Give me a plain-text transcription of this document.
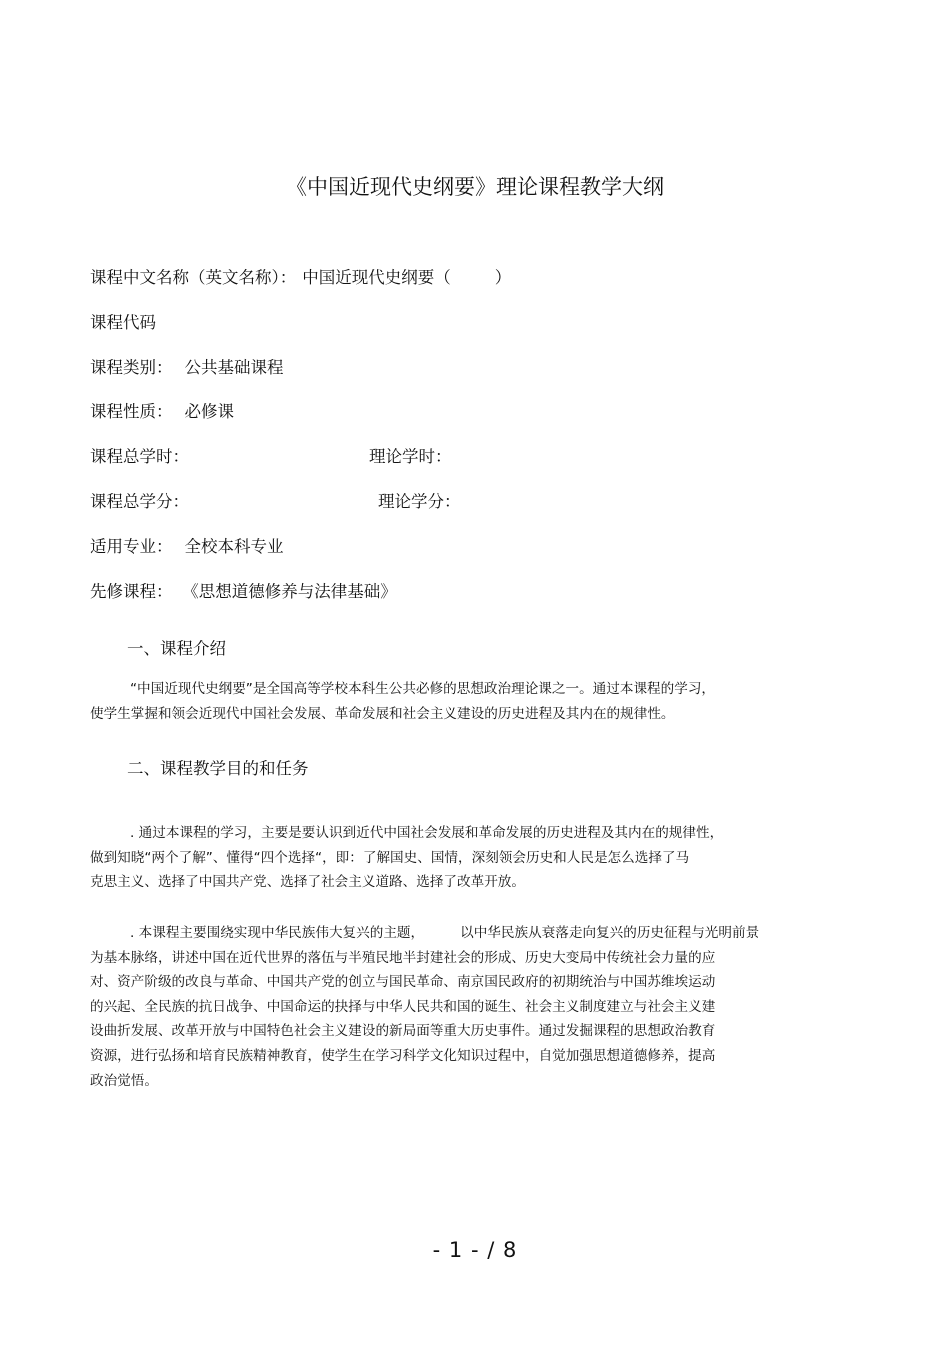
《中国近现代史纲要》理论课程教学大纲
课程中文名称（英文名称）： 中国近现代史纲要（	）
课程代码
课程类别： 公共基础课程
课程性质： 必修课
课程总学时：	理论学时：
课程总学分：	理论学分：
适用专业： 全校本科专业
先修课程： 《思想道德修养与法律基础》
一、课程介绍
“中国近现代史纲要”是全国高等学校本科生公共必修的思想政治理论课之一。通过本课程的学习，
使学生掌握和领会近现代中国社会发展、革命发展和社会主义建设的历史进程及其内在的规律性。
二、课程教学目的和任务
. 通过本课程的学习，主要是要认识到近代中国社会发展和革命发展的历史进程及其内在的规律性，
做到知晓“两个了解”、懂得“四个选择“，即：了解国史、国情，深刻领会历史和人民是怎么选择了马
克思主义、选择了中国共产党、选择了社会主义道路、选择了改革开放。
. 本课程主要围绕实现中华民族伟大复兴的主题，	以中华民族从衰落走向复兴的历史征程与光明前景
为基本脉络，讲述中国在近代世界的落伍与半殖民地半封建社会的形成、历史大变局中传统社会力量的应
对、资产阶级的改良与革命、中国共产党的创立与国民革命、南京国民政府的初期统治与中国苏维埃运动
的兴起、全民族的抗日战争、中国命运的抉择与中华人民共和国的诞生、社会主义制度建立与社会主义建
设曲折发展、改革开放与中国特色社会主义建设的新局面等重大历史事件。通过发掘课程的思想政治教育
资源，进行弘扬和培育民族精神教育，使学生在学习科学文化知识过程中，自觉加强思想道德修养，提高
政治觉悟。
- 1 - / 8
